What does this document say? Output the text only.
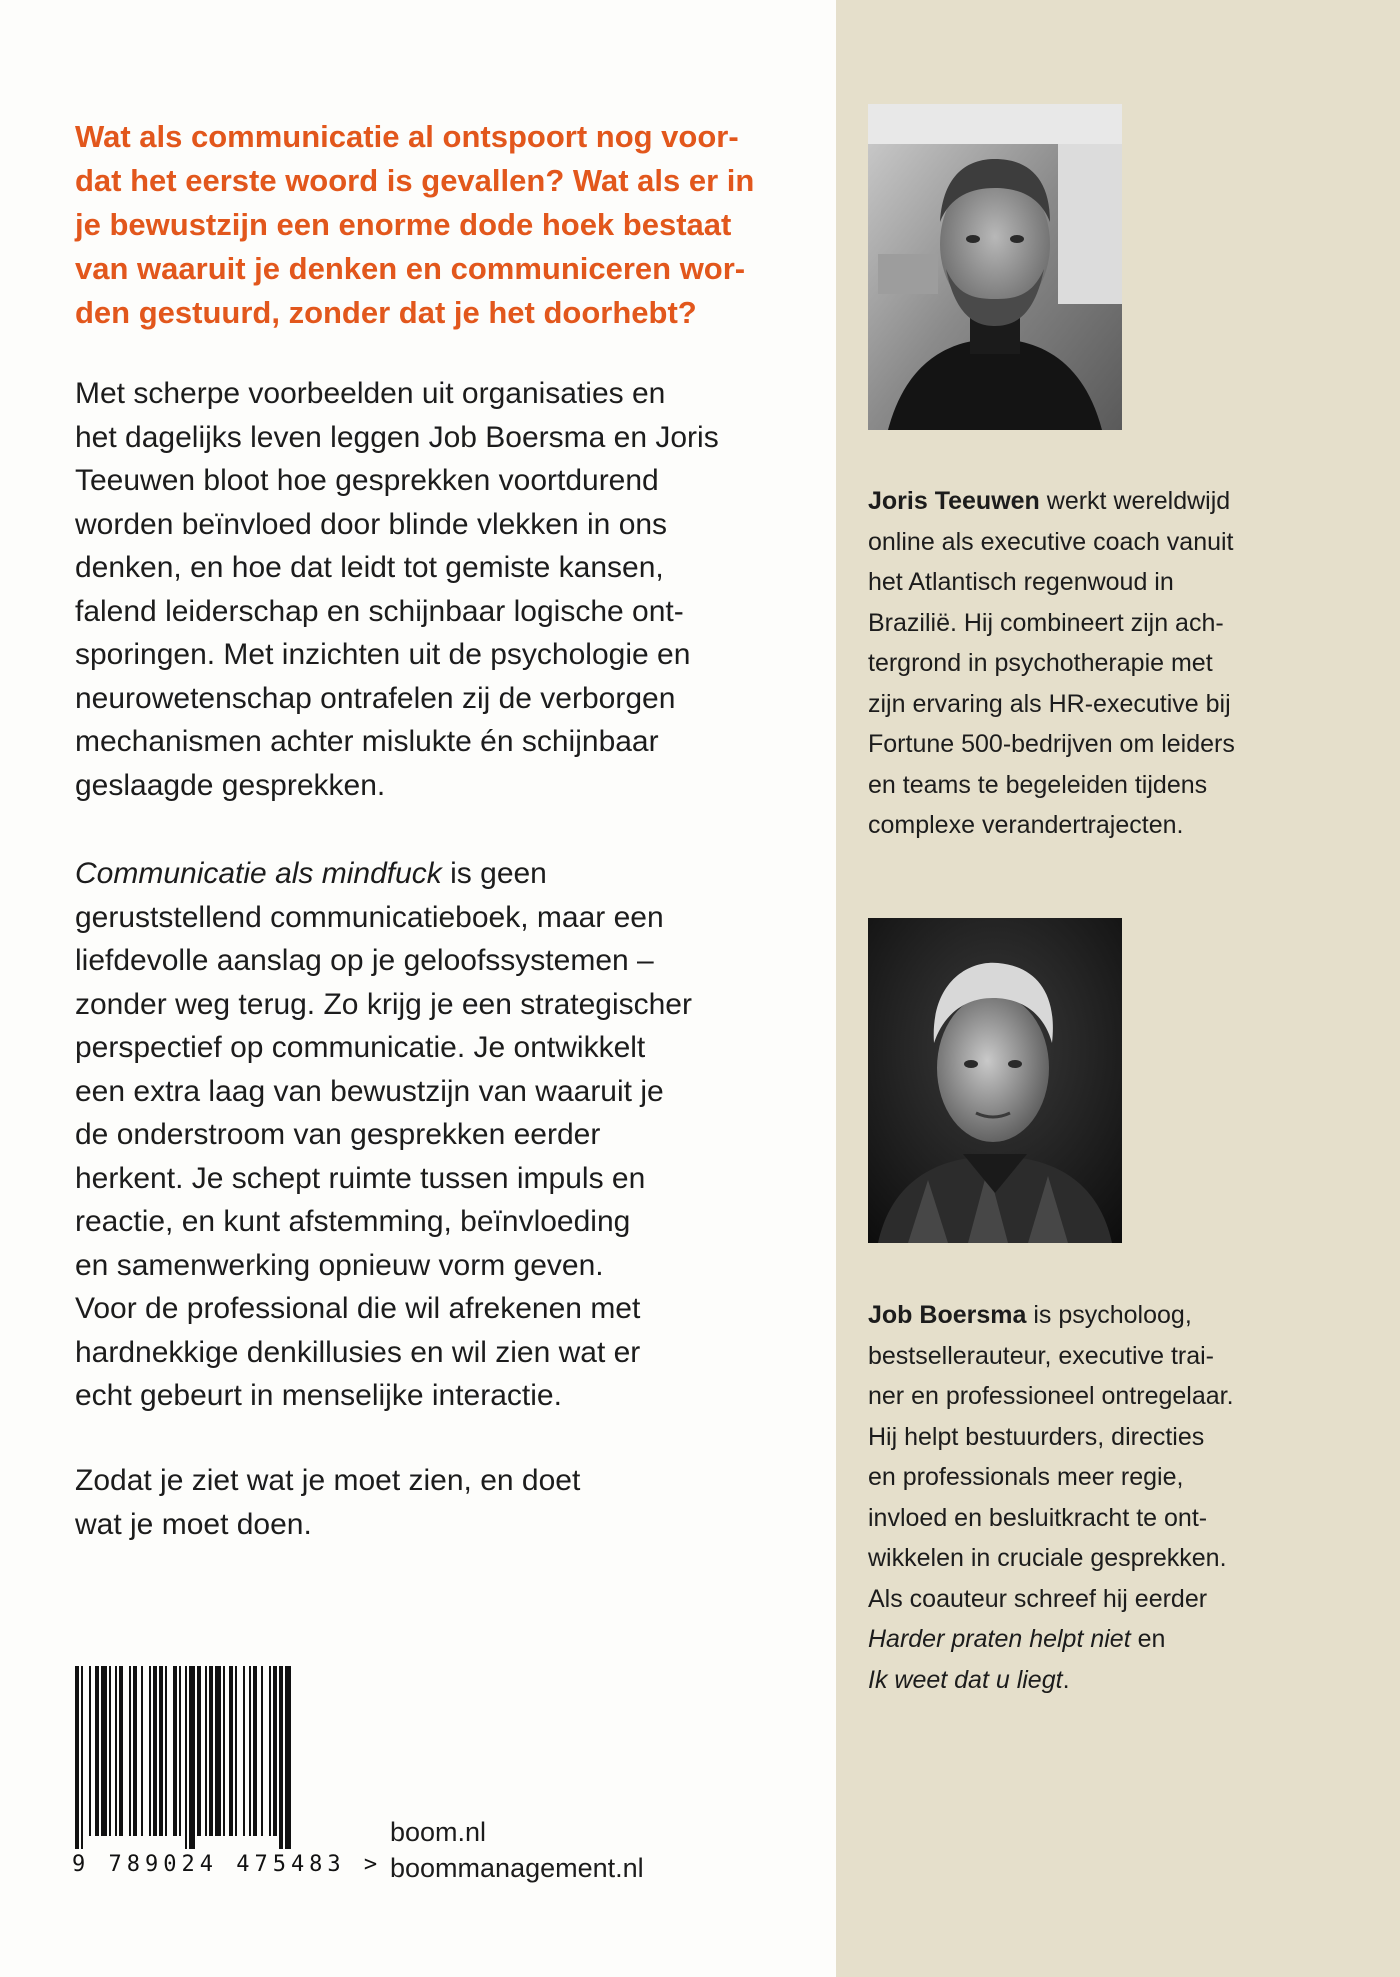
Wat als communicatie al ontspoort nog voor-
dat het eerste woord is gevallen? Wat als er in
je bewustzijn een enorme dode hoek bestaat
van waaruit je denken en communiceren wor-
den gestuurd, zonder dat je het doorhebt?

Met scherpe voorbeelden uit organisaties en
het dagelijks leven leggen Job Boersma en Joris
Teeuwen bloot hoe gesprekken voortdurend
worden beïnvloed door blinde vlekken in ons
denken, en hoe dat leidt tot gemiste kansen,
falend leiderschap en schijnbaar logische ont-
sporingen. Met inzichten uit de psychologie en
neurowetenschap ontrafelen zij de verborgen
mechanismen achter mislukte én schijnbaar
geslaagde gesprekken.

Communicatie als mindfuck is geen
geruststellend communicatieboek, maar een
liefdevolle aanslag op je geloofssystemen –
zonder weg terug. Zo krijg je een strategischer
perspectief op communicatie. Je ontwikkelt
een extra laag van bewustzijn van waaruit je
de onderstroom van gesprekken eerder
herkent. Je schept ruimte tussen impuls en
reactie, en kunt afstemming, beïnvloeding
en samenwerking opnieuw vorm geven.
Voor de professional die wil afrekenen met
hardnekkige denkillusies en wil zien wat er
echt gebeurt in menselijke interactie.

Zodat je ziet wat je moet zien, en doet
wat je moet doen.

Joris Teeuwen werkt wereldwijd
online als executive coach vanuit
het Atlantisch regenwoud in
Brazilië. Hij combineert zijn ach-
tergrond in psychotherapie met
zijn ervaring als HR-executive bij
Fortune 500-bedrijven om leiders
en teams te begeleiden tijdens
complexe verandertrajecten.

Job Boersma is psycholoog,
bestsellerauteur, executive trai-
ner en professioneel ontregelaar.
Hij helpt bestuurders, directies
en professionals meer regie,
invloed en besluitkracht te ont-
wikkelen in cruciale gesprekken.
Als coauteur schreef hij eerder
Harder praten helpt niet en
Ik weet dat u liegt.

9 789024 475483 >
boom.nl
boommanagement.nl
